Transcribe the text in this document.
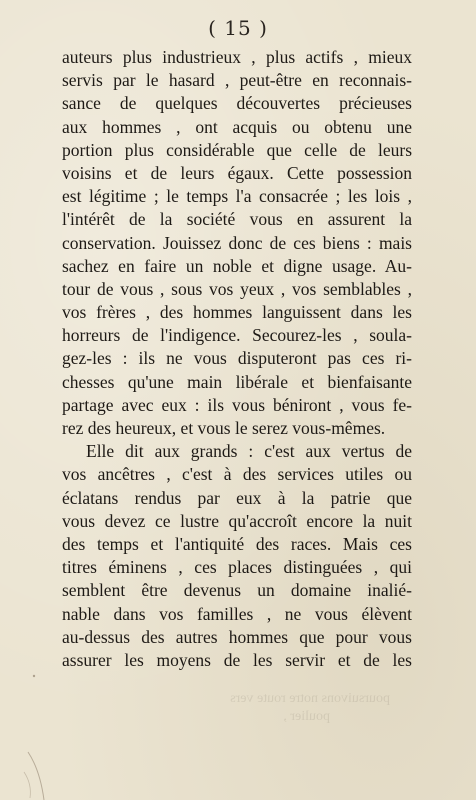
( 15 )
auteurs plus industrieux , plus actifs , mieux
servis par le hasard , peut-être en reconnais-
sance de quelques découvertes précieuses
aux hommes , ont acquis ou obtenu une
portion plus considérable que celle de leurs
voisins et de leurs égaux. Cette possession
est légitime ; le temps l'a consacrée ; les lois ,
l'intérêt de la société vous en assurent la
conservation. Jouissez donc de ces biens : mais
sachez en faire un noble et digne usage. Au-
tour de vous , sous vos yeux , vos semblables ,
vos frères , des hommes languissent dans les
horreurs de l'indigence. Secourez-les , soula-
gez-les : ils ne vous disputeront pas ces ri-
chesses qu'une main libérale et bienfaisante
partage avec eux : ils vous béniront , vous fe-
rez des heureux, et vous le serez vous-mêmes.
Elle dit aux grands : c'est aux vertus de
vos ancêtres , c'est à des services utiles ou
éclatans rendus par eux à la patrie que
vous devez ce lustre qu'accroît encore la nuit
des temps et l'antiquité des races. Mais ces
titres éminens , ces places distinguées , qui
semblent être devenus un domaine inalié-
nable dans vos familles , ne vous élèvent
au-dessus des autres hommes que pour vous
assurer les moyens de les servir et de les
poursuivons notre route vers
poulier ,
